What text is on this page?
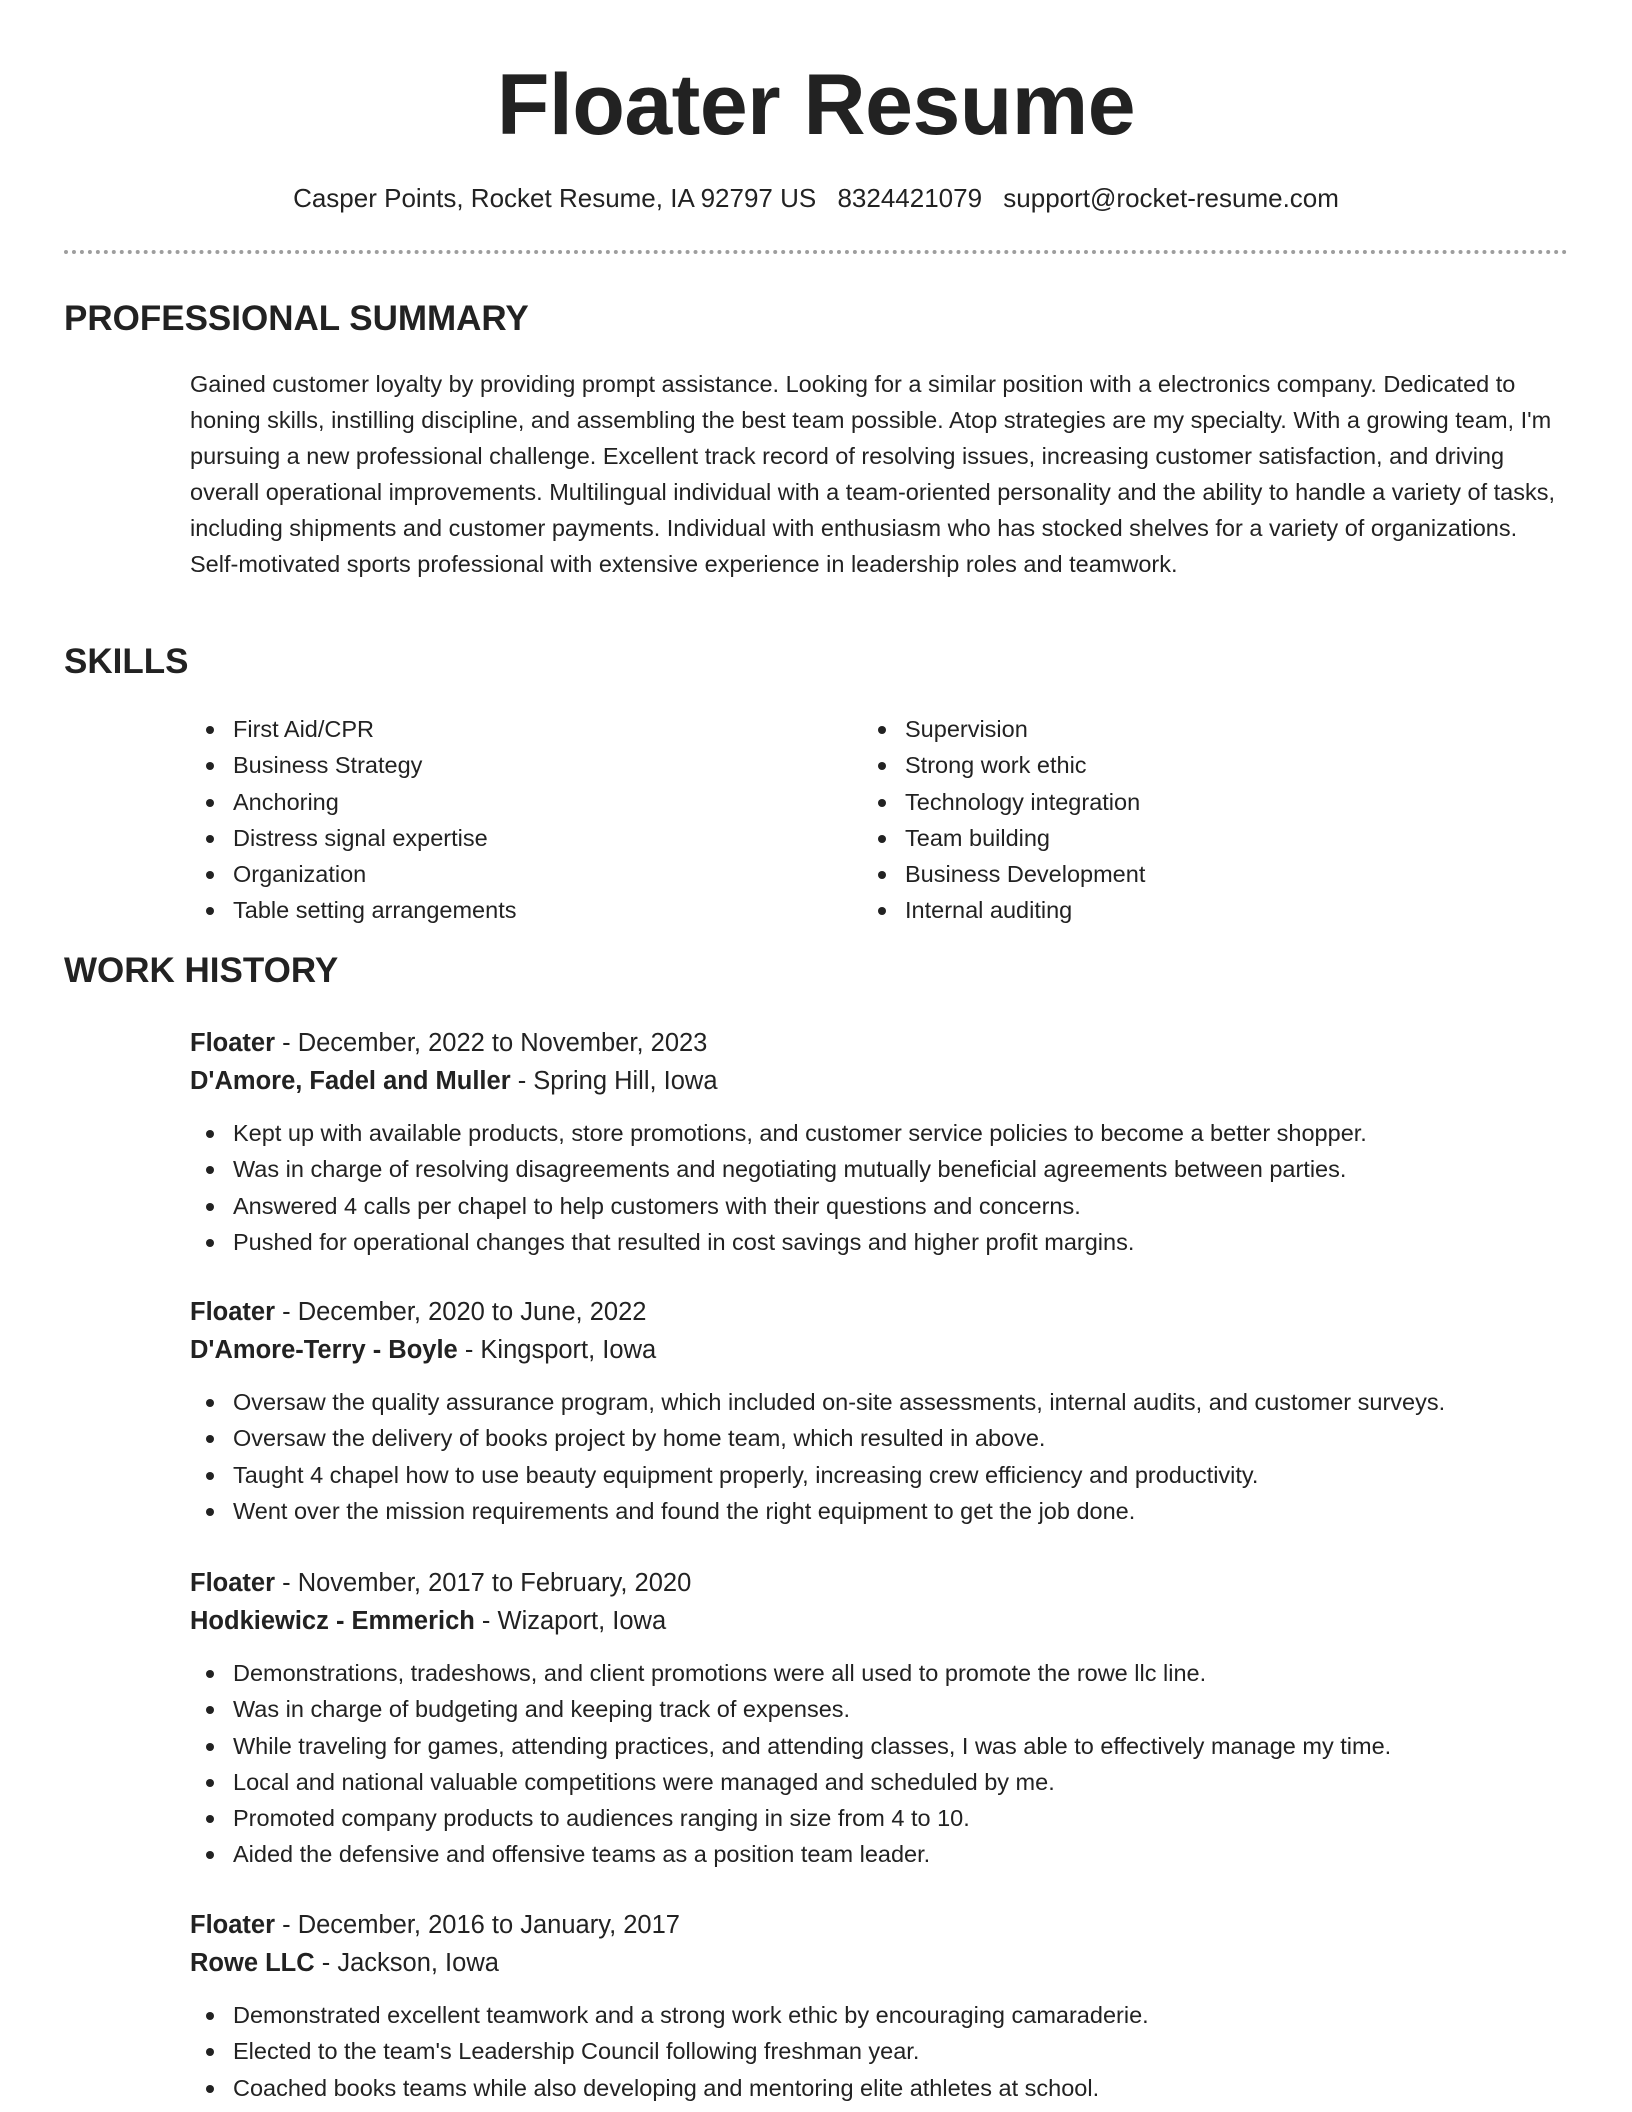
Floater Resume
Casper Points, Rocket Resume, IA 92797 US 8324421079 support@rocket-resume.com
PROFESSIONAL SUMMARY

Gained customer loyalty by providing prompt assistance. Looking for a similar position with a electronics company. Dedicated to honing skills, instilling discipline, and assembling the best team possible. Atop strategies are my specialty. With a growing team, I'm pursuing a new professional challenge. Excellent track record of resolving issues, increasing customer satisfaction, and driving overall operational improvements. Multilingual individual with a team-oriented personality and the ability to handle a variety of tasks, including shipments and customer payments. Individual with enthusiasm who has stocked shelves for a variety of organizations. Self-motivated sports professional with extensive experience in leadership roles and teamwork.

SKILLS
First Aid/CPR
Business Strategy
Anchoring
Distress signal expertise
Organization
Table setting arrangements
Supervision
Strong work ethic
Technology integration
Team building
Business Development
Internal auditing
WORK HISTORY
Floater - December, 2022 to November, 2023
D'Amore, Fadel and Muller - Spring Hill, Iowa
Kept up with available products, store promotions, and customer service policies to become a better shopper.
Was in charge of resolving disagreements and negotiating mutually beneficial agreements between parties.
Answered 4 calls per chapel to help customers with their questions and concerns.
Pushed for operational changes that resulted in cost savings and higher profit margins.
Floater - December, 2020 to June, 2022
D'Amore-Terry - Boyle - Kingsport, Iowa
Oversaw the quality assurance program, which included on-site assessments, internal audits, and customer surveys.
Oversaw the delivery of books project by home team, which resulted in above.
Taught 4 chapel how to use beauty equipment properly, increasing crew efficiency and productivity.
Went over the mission requirements and found the right equipment to get the job done.
Floater - November, 2017 to February, 2020
Hodkiewicz - Emmerich - Wizaport, Iowa
Demonstrations, tradeshows, and client promotions were all used to promote the rowe llc line.
Was in charge of budgeting and keeping track of expenses.
While traveling for games, attending practices, and attending classes, I was able to effectively manage my time.
Local and national valuable competitions were managed and scheduled by me.
Promoted company products to audiences ranging in size from 4 to 10.
Aided the defensive and offensive teams as a position team leader.
Floater - December, 2016 to January, 2017
Rowe LLC - Jackson, Iowa
Demonstrated excellent teamwork and a strong work ethic by encouraging camaraderie.
Elected to the team's Leadership Council following freshman year.
Coached books teams while also developing and mentoring elite athletes at school.
